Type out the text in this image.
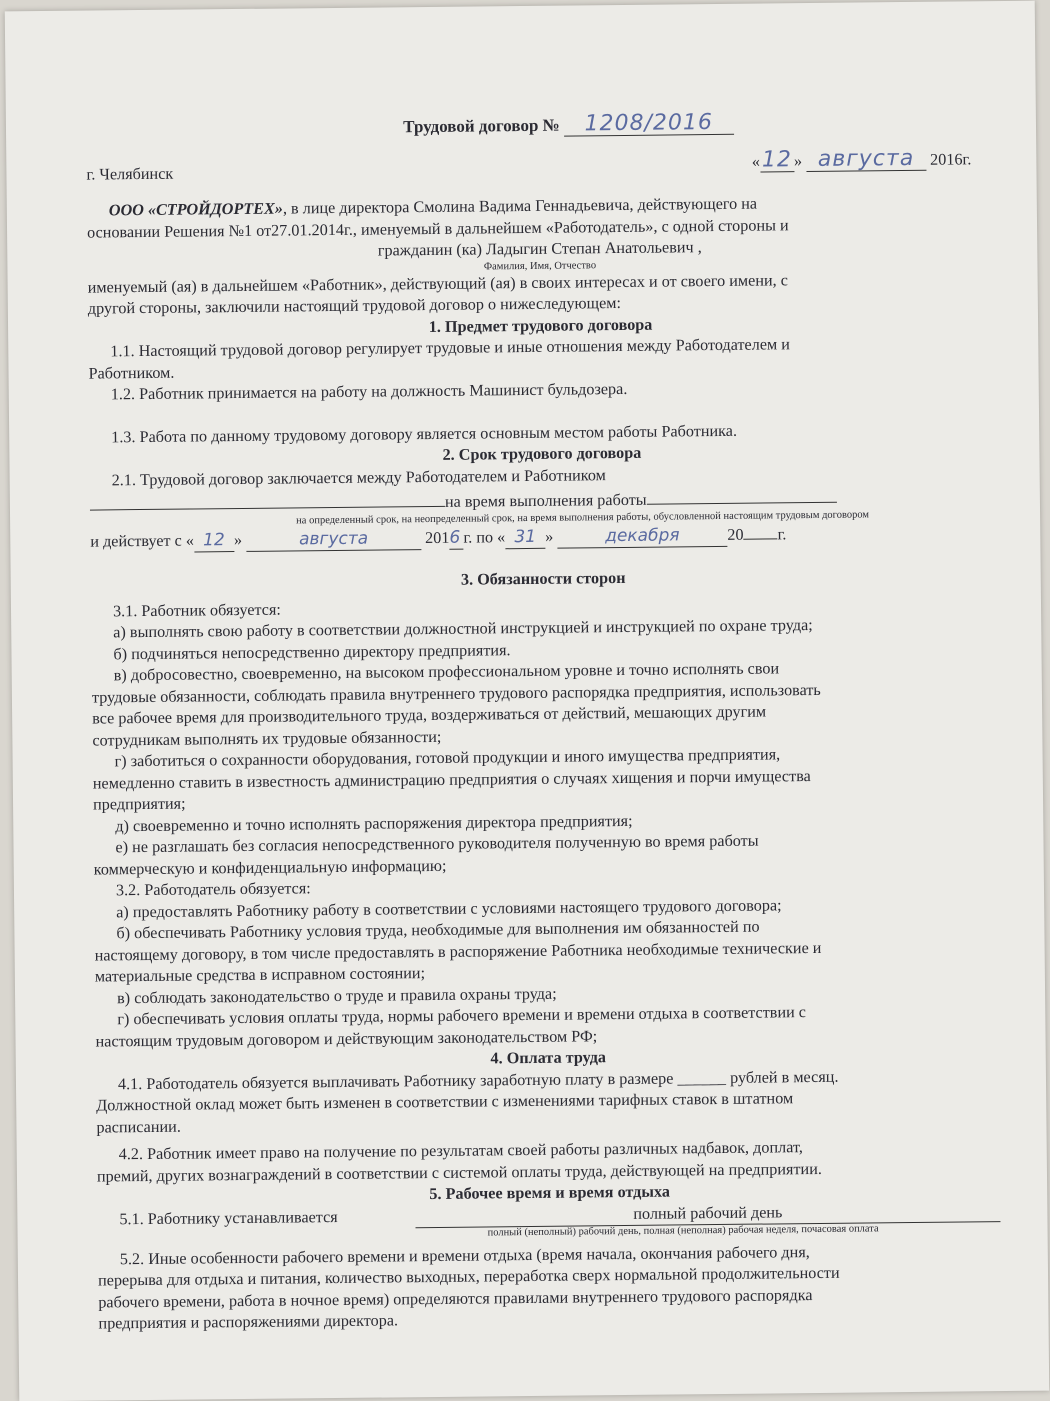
Трудовой договор № 1208/2016
г. Челябинск
«12 » августа 2016г.

ООО «СТРОЙДОРТЕХ», в лице директора Смолина Вадима Геннадьевича, действующего на

основании Решения №1 от27.01.2014г., именуемый в дальнейшем «Работодатель», с одной стороны и

гражданин (ка) Ладыгин Степан Анатольевич ,

Фамилия, Имя, Отчество

именуемый (ая) в дальнейшем «Работник», действующий (ая) в своих интересах и от своего имени, с

другой стороны, заключили настоящий трудовой договор о нижеследующем:

1. Предмет трудового договора

1.1. Настоящий трудовой договор регулирует трудовые и иные отношения между Работодателем и

Работником.

1.2. Работник принимается на работу на должность Машинист бульдозера.

1.3. Работа по данному трудовому договору является основным местом работы Работника.

2. Срок трудового договора

2.1. Трудовой договор заключается между Работодателем и Работником

на время выполнения работы

на определенный срок, на неопределенный срок, на время выполнения работы, обусловленной настоящим трудовым договором

и действует с « 12 »	августа	2016 г. по « 31 »	декабря	20 г.

3. Обязанности сторон

3.1. Работник обязуется:

а) выполнять свою работу в соответствии должностной инструкцией и инструкцией по охране труда;

б) подчиняться непосредственно директору предприятия.

в) добросовестно, своевременно, на высоком профессиональном уровне и точно исполнять свои

трудовые обязанности, соблюдать правила внутреннего трудового распорядка предприятия, использовать

все рабочее время для производительного труда, воздерживаться от действий, мешающих другим

сотрудникам выполнять их трудовые обязанности;

г) заботиться о сохранности оборудования, готовой продукции и иного имущества предприятия,

немедленно ставить в известность администрацию предприятия о случаях хищения и порчи имущества

предприятия;

д) своевременно и точно исполнять распоряжения директора предприятия;

е) не разглашать без согласия непосредственного руководителя полученную во время работы

коммерческую и конфиденциальную информацию;

3.2. Работодатель обязуется:

а) предоставлять Работнику работу в соответствии с условиями настоящего трудового договора;

б) обеспечивать Работнику условия труда, необходимые для выполнения им обязанностей по

настоящему договору, в том числе предоставлять в распоряжение Работника необходимые технические и

материальные средства в исправном состоянии;

в) соблюдать законодательство о труде и правила охраны труда;

г) обеспечивать условия оплаты труда, нормы рабочего времени и времени отдыха в соответствии с

настоящим трудовым договором и действующим законодательством РФ;

4. Оплата труда

4.1. Работодатель обязуется выплачивать Работнику заработную плату в размере ______ рублей в месяц.

Должностной оклад может быть изменен в соответствии с изменениями тарифных ставок в штатном

расписании.

4.2. Работник имеет право на получение по результатам своей работы различных надбавок, доплат,

премий, других вознаграждений в соответствии с системой оплаты труда, действующей на предприятии.

5. Рабочее время и время отдыха

5.1. Работнику устанавливается	полный рабочий день

полный (неполный) рабочий день, полная (неполная) рабочая неделя, почасовая оплата

5.2. Иные особенности рабочего времени и времени отдыха (время начала, окончания рабочего дня,

перерыва для отдыха и питания, количество выходных, переработка сверх нормальной продолжительности

рабочего времени, работа в ночное время) определяются правилами внутреннего трудового распорядка

предприятия и распоряжениями директора.
